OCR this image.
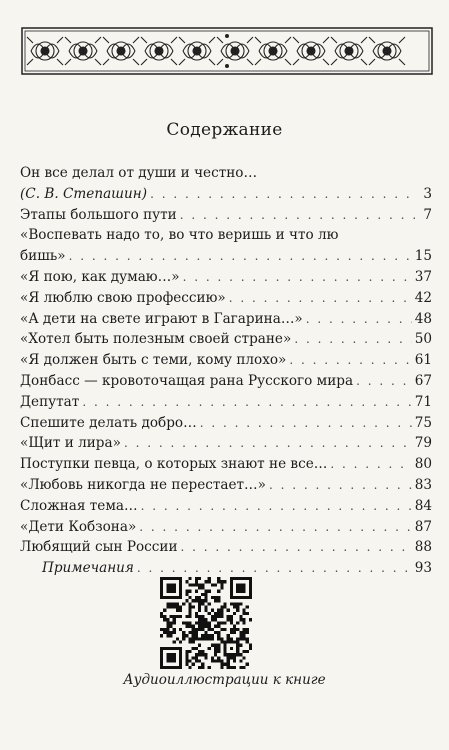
Содержание
Он все делал от души и честно…
(С. В. Степашин) . . .	3
Этапы большого пути . . .	7
«Воспевать надо то, во что веришь и что лю
бишь» . . .	15
«Я пою, как думаю…» . . .	37
«Я люблю свою профессию» . . .	42
«А дети на свете играют в Гагарина…» . . .	48
«Хотел быть полезным своей стране» . . .	50
«Я должен быть с теми, кому плохо» . . .	61
Донбасс — кровоточащая рана Русского мира . . .	67
Депутат . . .	71
Спешите делать добро… . . .	75
«Щит и лира» . . .	79
Поступки певца, о которых знают не все… . . .	80
«Любовь никогда не перестает…» . . .	83
Сложная тема… . . .	84
«Дети Кобзона» . . .	87
Любящий сын России . . .	88
Примечания . . .	93
Аудиоиллюстрации к книге
